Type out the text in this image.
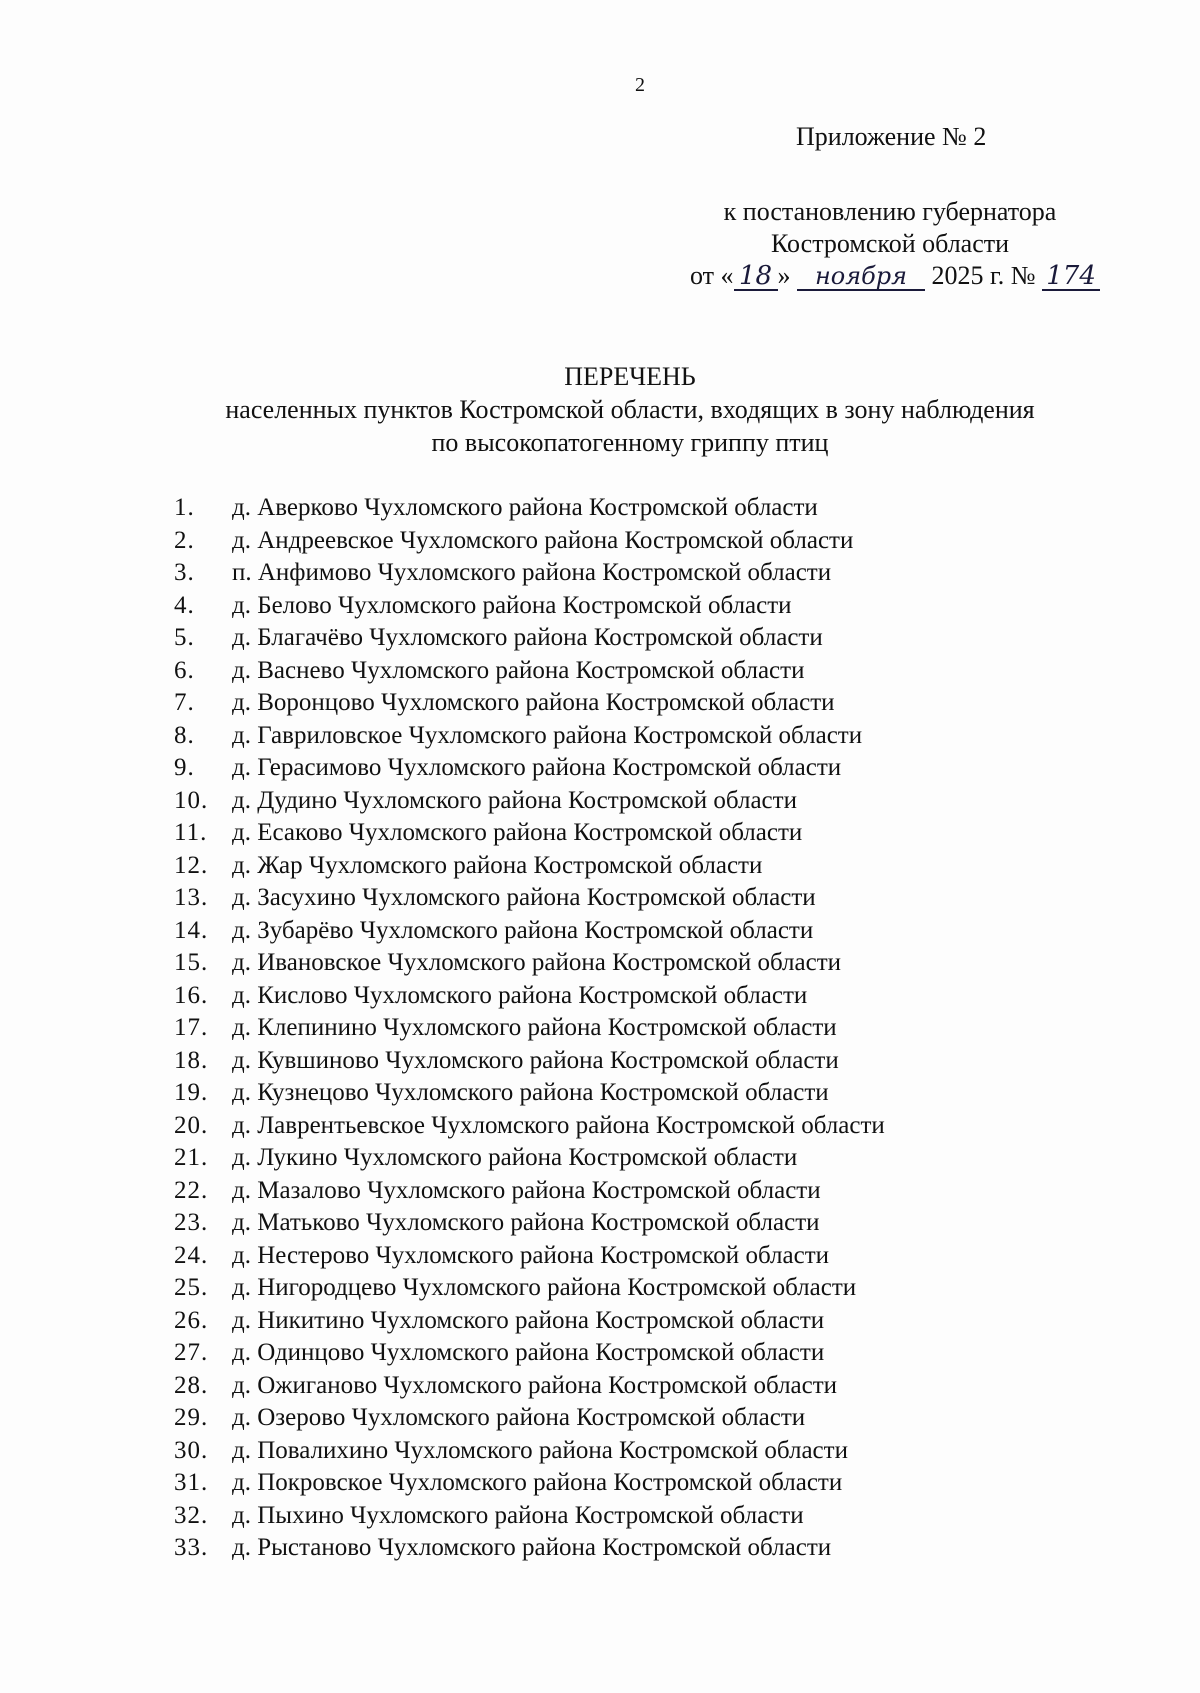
2
Приложение № 2
к постановлению губернатора
Костромской области
от « 18 » ноября 2025 г. № 174
ПЕРЕЧЕНЬ
населенных пунктов Костромской области, входящих в зону наблюдения
по высокопатогенному гриппу птиц
1.	д. Аверково Чухломского района Костромской области
2.	д. Андреевское Чухломского района Костромской области
3.	п. Анфимово Чухломского района Костромской области
4.	д. Белово Чухломского района Костромской области
5.	д. Благачёво Чухломского района Костромской области
6.	д. Васнево Чухломского района Костромской области
7.	д. Воронцово Чухломского района Костромской области
8.	д. Гавриловское Чухломского района Костромской области
9.	д. Герасимово Чухломского района Костромской области
10. д. Дудино Чухломского района Костромской области
11. д. Есаково Чухломского района Костромской области
12. д. Жар Чухломского района Костромской области
13. д. Засухино Чухломского района Костромской области
14. д. Зубарёво Чухломского района Костромской области
15. д. Ивановское Чухломского района Костромской области
16. д. Кислово Чухломского района Костромской области
17. д. Клепинино Чухломского района Костромской области
18. д. Кувшиново Чухломского района Костромской области
19. д. Кузнецово Чухломского района Костромской области
20. д. Лаврентьевское Чухломского района Костромской области
21. д. Лукино Чухломского района Костромской области
22. д. Мазалово Чухломского района Костромской области
23. д. Матьково Чухломского района Костромской области
24. д. Нестерово Чухломского района Костромской области
25. д. Нигородцево Чухломского района Костромской области
26. д. Никитино Чухломского района Костромской области
27. д. Одинцово Чухломского района Костромской области
28. д. Ожиганово Чухломского района Костромской области
29. д. Озерово Чухломского района Костромской области
30. д. Повалихино Чухломского района Костромской области
31. д. Покровское Чухломского района Костромской области
32. д. Пыхино Чухломского района Костромской области
33. д. Рыстаново Чухломского района Костромской области
